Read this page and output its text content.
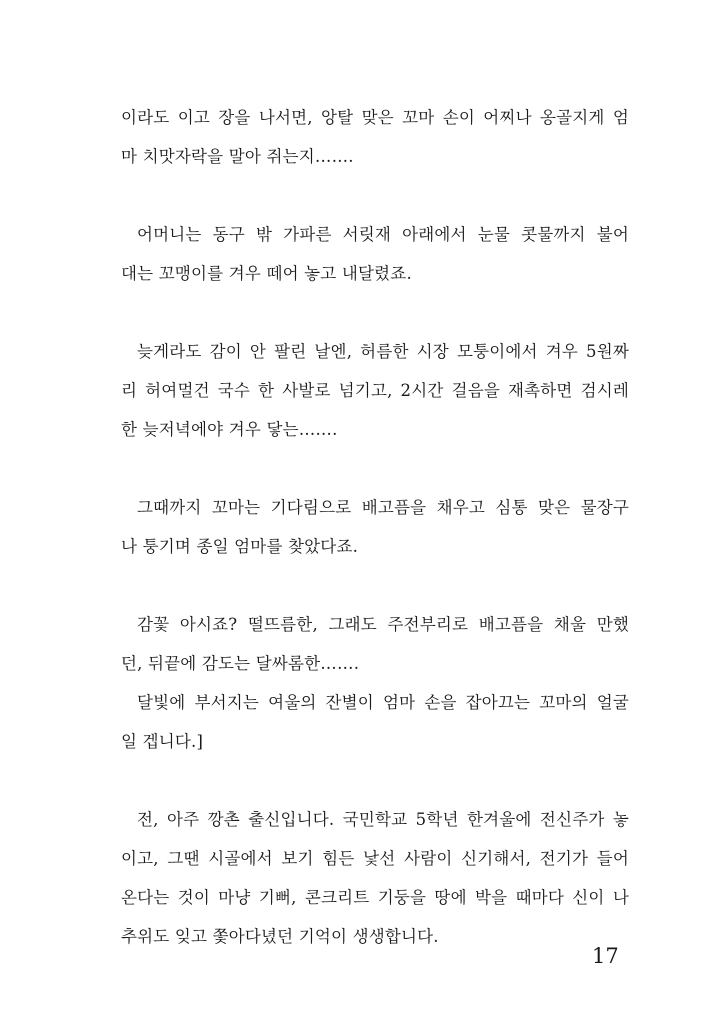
이라도 이고 장을 나서면, 앙탈 맞은 꼬마 손이 어찌나 옹골지게 엄
마 치맛자락을 말아 쥐는지…….
어머니는 동구 밖 가파른 서릿재 아래에서 눈물 콧물까지 불어
대는 꼬맹이를 겨우 떼어 놓고 내달렸죠.
늦게라도 감이 안 팔린 날엔, 허름한 시장 모퉁이에서 겨우 5원짜
리 허여멀건 국수 한 사발로 넘기고, 2시간 걸음을 재촉하면 검시레
한 늦저녁에야 겨우 닿는…….
그때까지 꼬마는 기다림으로 배고픔을 채우고 심통 맞은 물장구
나 퉁기며 종일 엄마를 찾았다죠.
감꽃 아시죠? 떨뜨름한, 그래도 주전부리로 배고픔을 채울 만했
던, 뒤끝에 감도는 달싸롬한…….
달빛에 부서지는 여울의 잔별이 엄마 손을 잡아끄는 꼬마의 얼굴
일 겝니다.]
전, 아주 깡촌 출신입니다. 국민학교 5학년 한겨울에 전신주가 놓
이고, 그땐 시골에서 보기 힘든 낯선 사람이 신기해서, 전기가 들어
온다는 것이 마냥 기뻐, 콘크리트 기둥을 땅에 박을 때마다 신이 나
추위도 잊고 쫓아다녔던 기억이 생생합니다.
17
